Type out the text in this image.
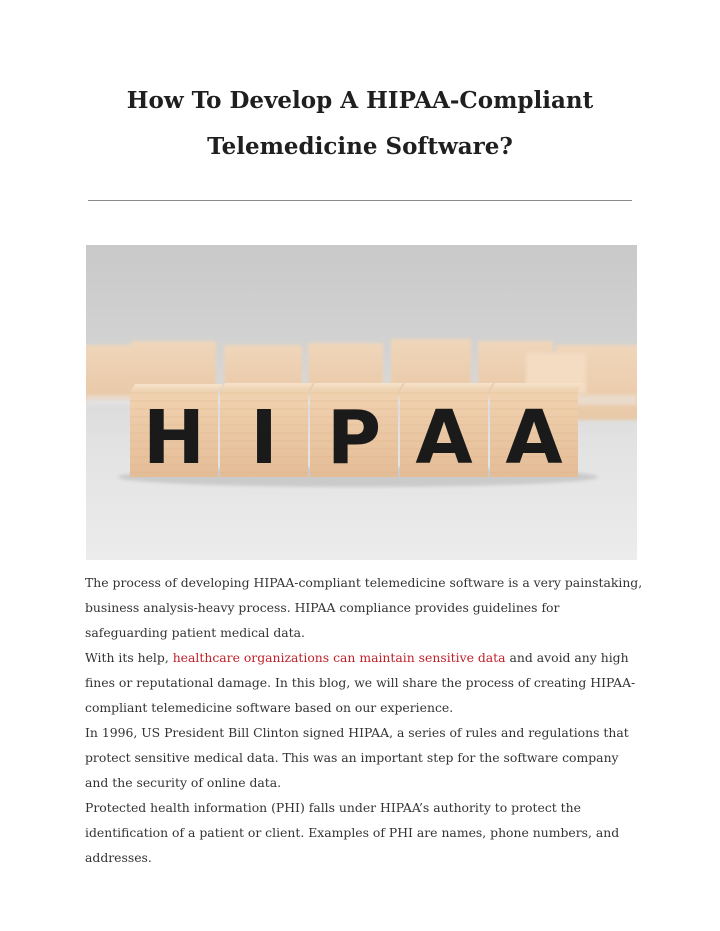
How To Develop A HIPAA-Compliant
Telemedicine Software?
H I P A A

The process of developing HIPAA-compliant telemedicine software is a very painstaking, business analysis-heavy process. HIPAA compliance provides guidelines for safeguarding patient medical data.

With its help, healthcare organizations can maintain sensitive data and avoid any high fines or reputational damage. In this blog, we will share the process of creating HIPAA-compliant telemedicine software based on our experience.

In 1996, US President Bill Clinton signed HIPAA, a series of rules and regulations that protect sensitive medical data. This was an important step for the software company and the security of online data.

Protected health information (PHI) falls under HIPAA’s authority to protect the identification of a patient or client. Examples of PHI are names, phone numbers, and addresses.
